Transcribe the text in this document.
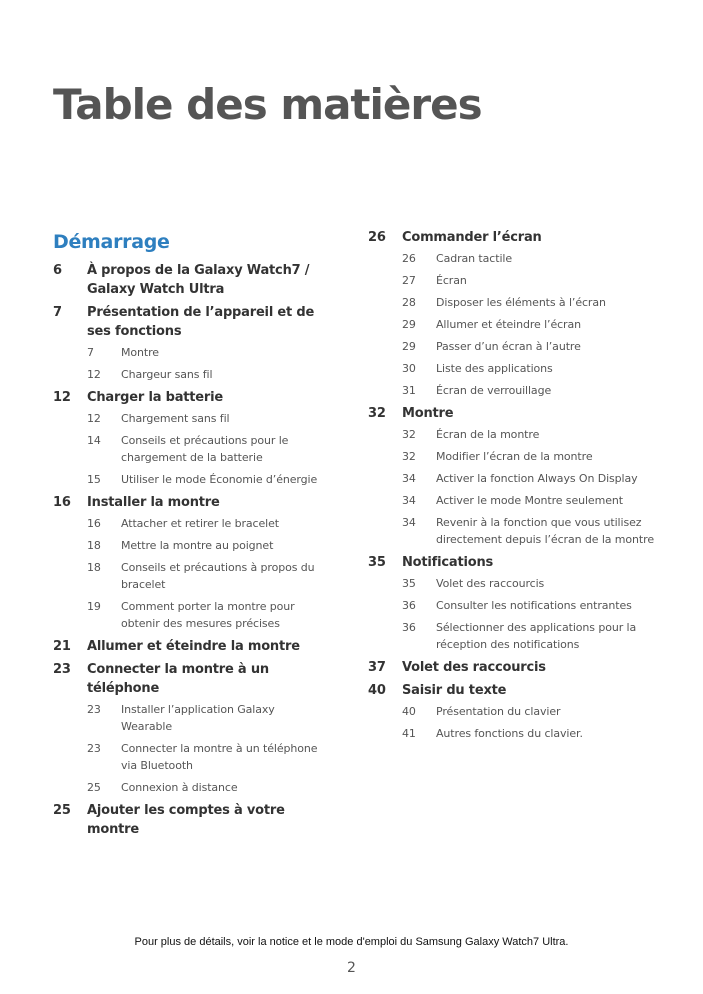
Table des matières
Démarrage
6	À propos de la Galaxy Watch7 / Galaxy Watch Ultra
7	Présentation de l’appareil et de ses fonctions
7	Montre
12	Chargeur sans fil
12	Charger la batterie
12	Chargement sans fil
14	Conseils et précautions pour le chargement de la batterie
15	Utiliser le mode Économie d’énergie
16	Installer la montre
16	Attacher et retirer le bracelet
18	Mettre la montre au poignet
18	Conseils et précautions à propos du bracelet
19	Comment porter la montre pour obtenir des mesures précises
21	Allumer et éteindre la montre
23	Connecter la montre à un téléphone
23	Installer l’application Galaxy Wearable
23	Connecter la montre à un téléphone via Bluetooth
25	Connexion à distance
25	Ajouter les comptes à votre montre
26	Commander l’écran
26	Cadran tactile
27	Écran
28	Disposer les éléments à l’écran
29	Allumer et éteindre l’écran
29	Passer d’un écran à l’autre
30	Liste des applications
31	Écran de verrouillage
32	Montre
32	Écran de la montre
32	Modifier l’écran de la montre
34	Activer la fonction Always On Display
34	Activer le mode Montre seulement
34	Revenir à la fonction que vous utilisez directement depuis l’écran de la montre
35	Notifications
35	Volet des raccourcis
36	Consulter les notifications entrantes
36	Sélectionner des applications pour la réception des notifications
37	Volet des raccourcis
40	Saisir du texte
40	Présentation du clavier
41	Autres fonctions du clavier.
Pour plus de détails, voir la notice et le mode d'emploi du Samsung Galaxy Watch7 Ultra.
2
